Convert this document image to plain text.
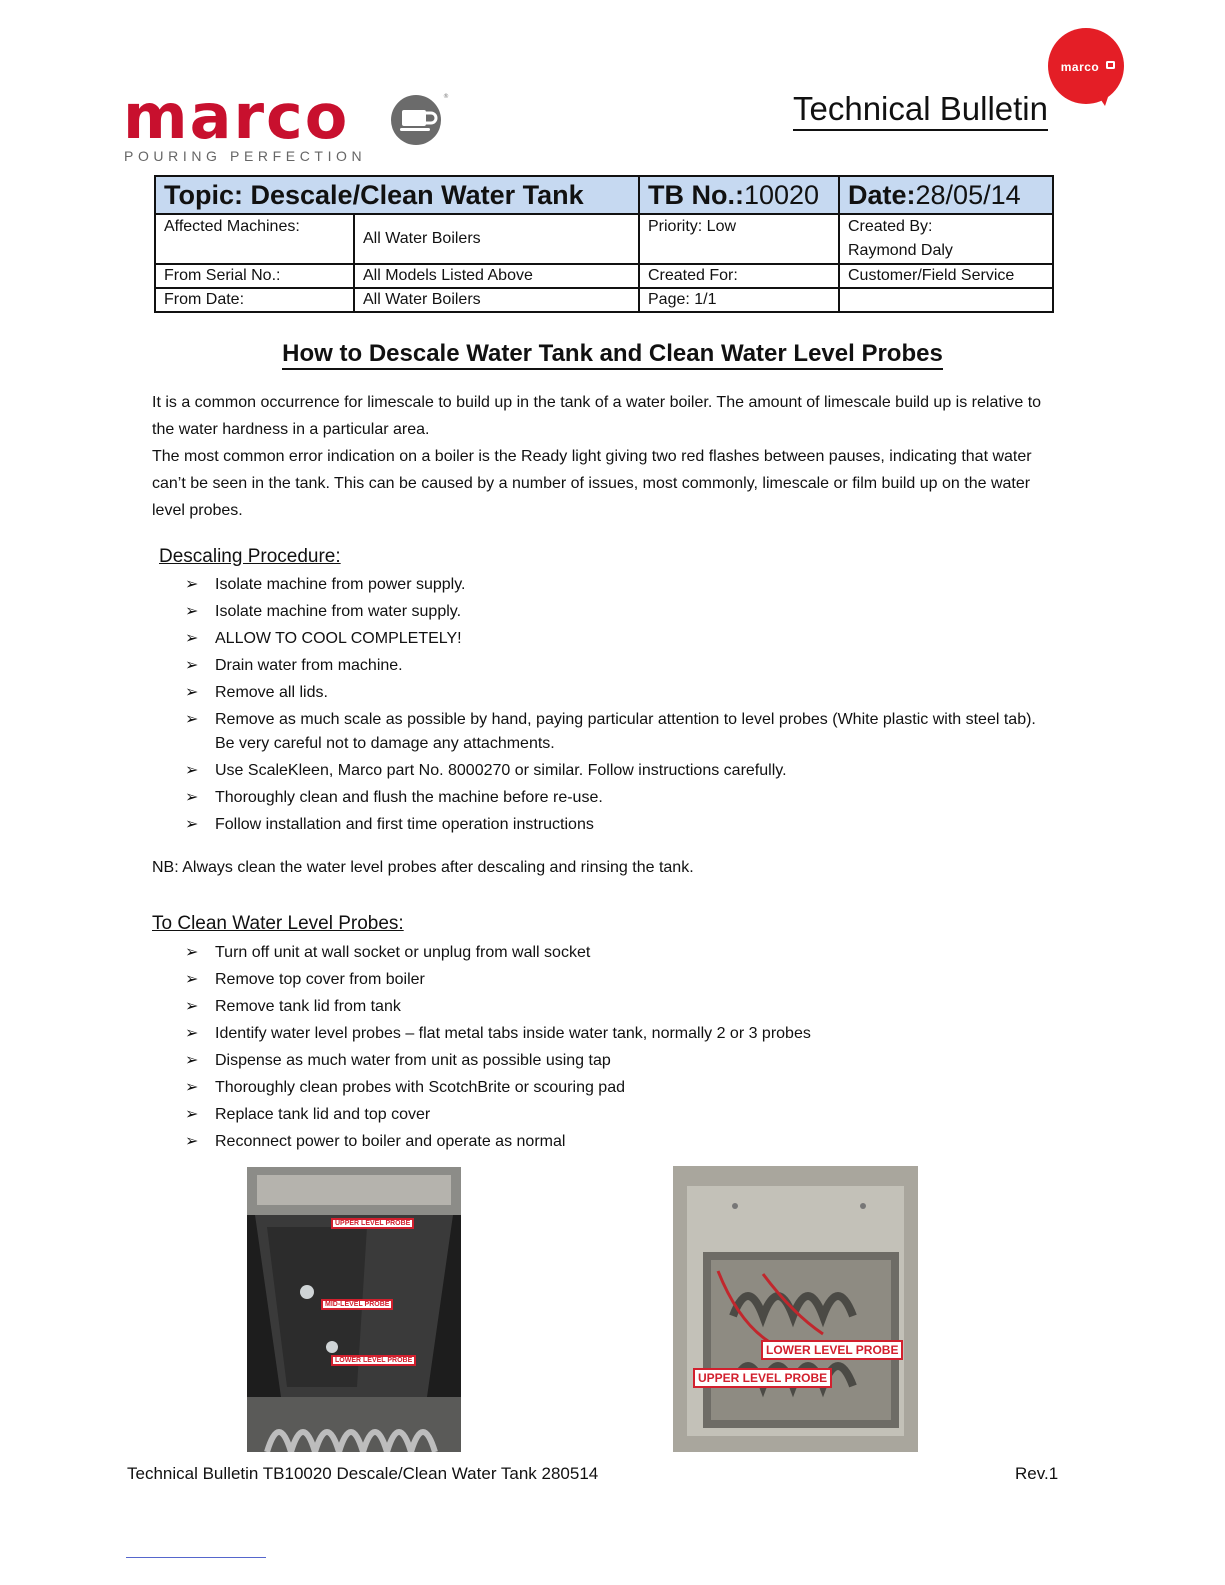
marco
marco	®
POURING PERFECTION
Technical Bulletin
Topic: Descale/Clean Water Tank		TB No.:10020	Date:28/05/14
Affected Machines:	All Water Boilers	Priority: Low	Created By:
Raymond Daly

From Serial No.:	All Models Listed Above	Created For:	Customer/Field Service
From Date:	All Water Boilers	Page: 1/1	
How to Descale Water Tank and Clean Water Level Probes
It is a common occurrence for limescale to build up in the tank of a water boiler. The amount of limescale build up is relative to the water hardness in a particular area.
The most common error indication on a boiler is the Ready light giving two red flashes between pauses, indicating that water can’t be seen in the tank. This can be caused by a number of issues, most commonly, limescale or film build up on the water level probes.
Descaling Procedure:
➢ Isolate machine from power supply.
➢ Isolate machine from water supply.
➢ ALLOW TO COOL COMPLETELY!
➢ Drain water from machine.
➢ Remove all lids.
➢ Remove as much scale as possible by hand, paying particular attention to level probes (White plastic with steel tab). Be very careful not to damage any attachments.
➢ Use ScaleKleen, Marco part No. 8000270 or similar. Follow instructions carefully.
➢ Thoroughly clean and flush the machine before re-use.
➢ Follow installation and first time operation instructions
NB: Always clean the water level probes after descaling and rinsing the tank.
To Clean Water Level Probes:
➢ Turn off unit at wall socket or unplug from wall socket
➢ Remove top cover from boiler
➢ Remove tank lid from tank
➢ Identify water level probes – flat metal tabs inside water tank, normally 2 or 3 probes
➢ Dispense as much water from unit as possible using tap
➢ Thoroughly clean probes with ScotchBrite or scouring pad
➢ Replace tank lid and top cover
➢ Reconnect power to boiler and operate as normal
UPPER LEVEL PROBE
MID-LEVEL PROBE
LOWER LEVEL PROBE
LOWER LEVEL PROBE
UPPER LEVEL PROBE
Technical Bulletin TB10020 Descale/Clean Water Tank 280514	Rev.1
